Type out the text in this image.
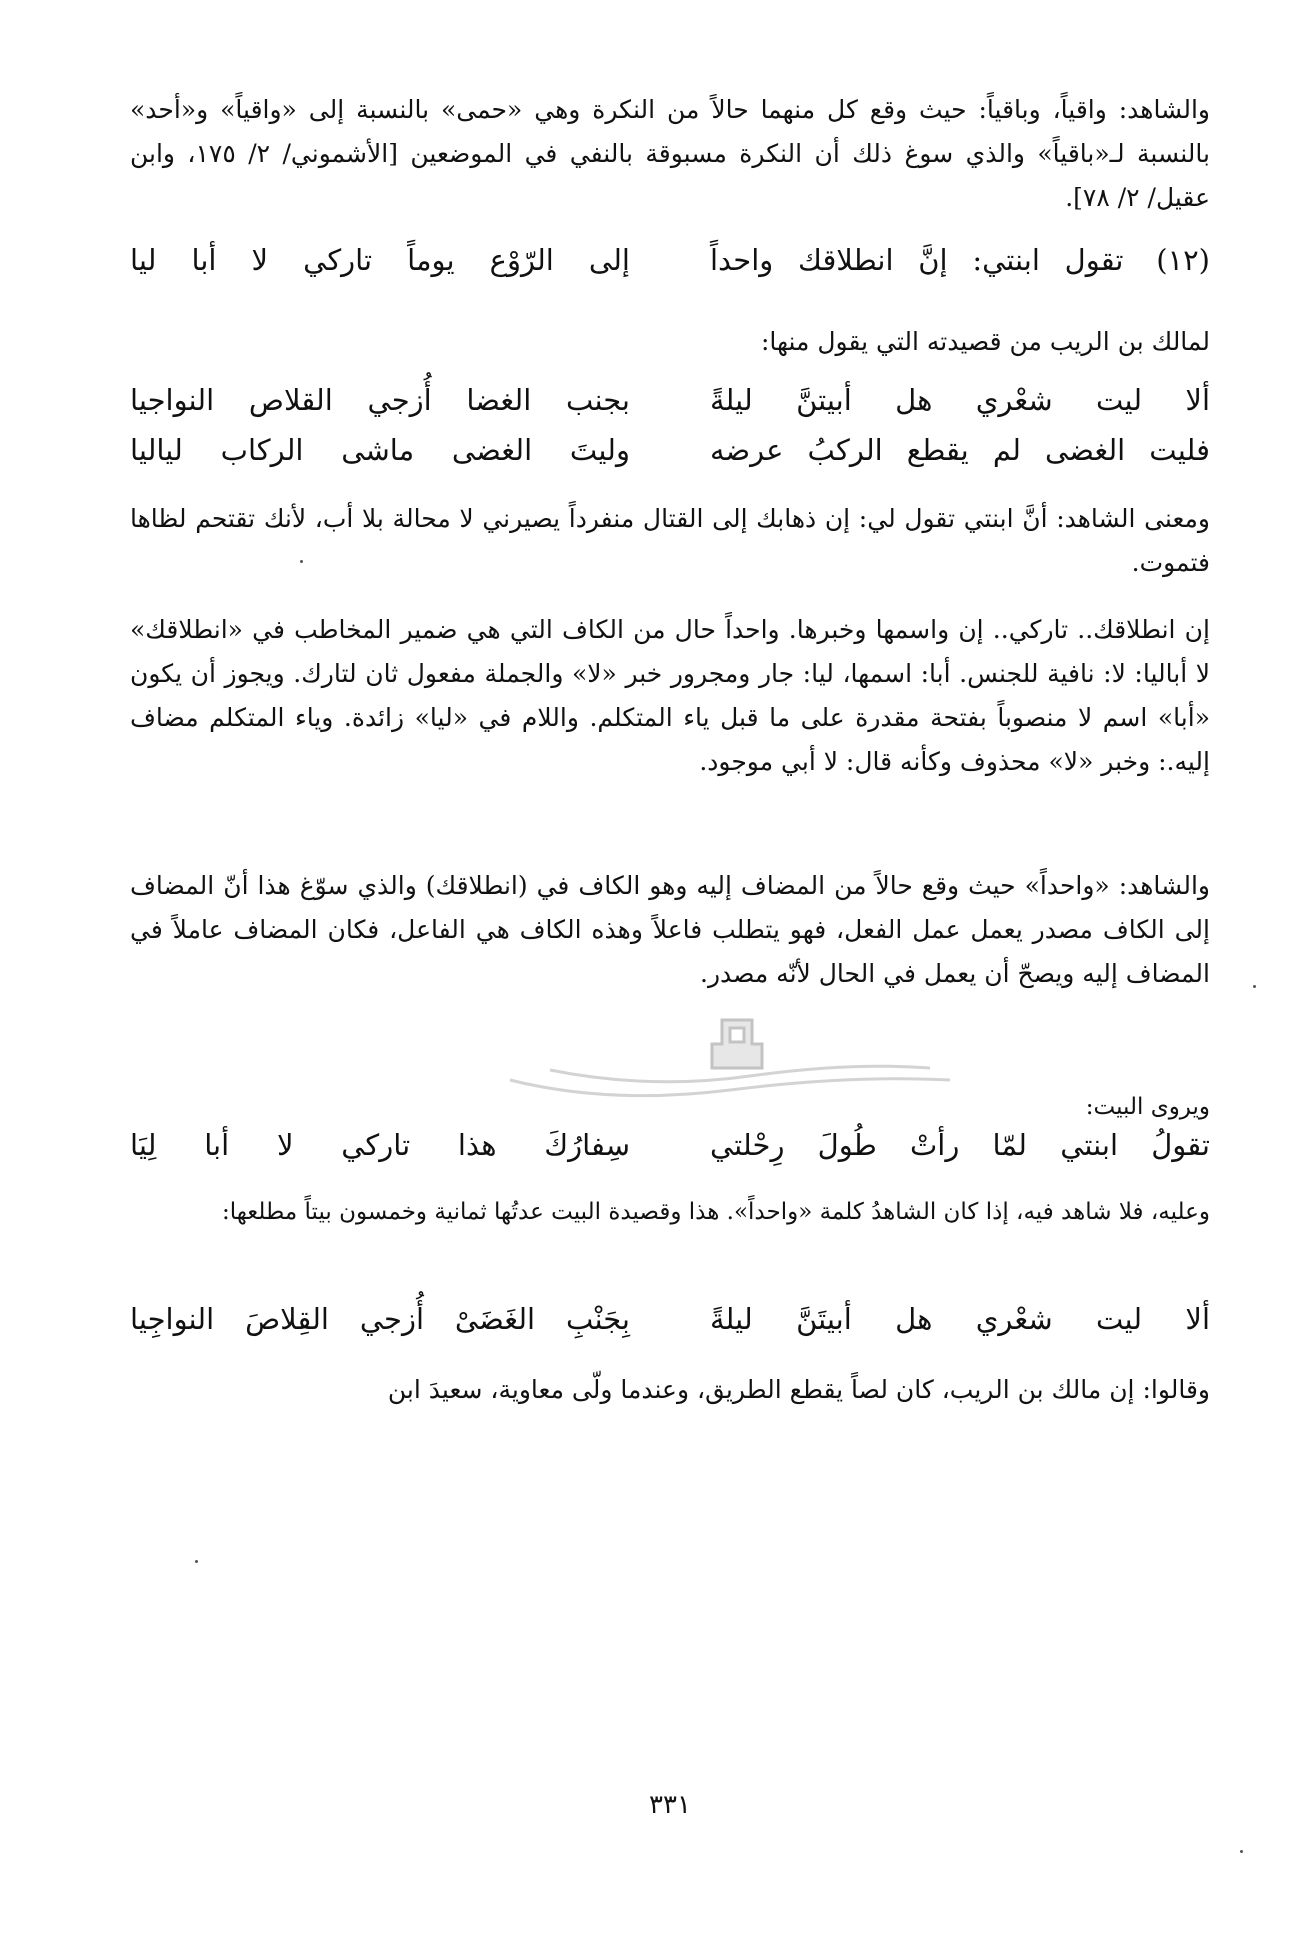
والشاهد: واقياً، وباقياً: حيث وقع كل منهما حالاً من النكرة وهي «حمى» بالنسبة إلى «واقياً» و«أحد» بالنسبة لـ«باقياً» والذي سوغ ذلك أن النكرة مسبوقة بالنفي في الموضعين [الأشموني/ ٢/ ١٧٥، وابن عقيل/ ٢/ ٧٨].

(١٢) تقول ابنتي: إنَّ انطلاقك واحداً
إلى الرّوْع يوماً تاركي لا أبا ليا

لمالك بن الريب من قصيدته التي يقول منها:

ألا ليت شعْري هل أبيتنَّ ليلةً
بجنب الغضا أُزجي القلاص النواجيا
فليت الغضى لم يقطع الركبُ عرضه
وليتَ الغضى ماشى الركاب لياليا

ومعنى الشاهد: أنَّ ابنتي تقول لي: إن ذهابك إلى القتال منفرداً يصيرني لا محالة بلا أب، لأنك تقتحم لظاها فتموت.

إن انطلاقك.. تاركي.. إن واسمها وخبرها. واحداً حال من الكاف التي هي ضمير المخاطب في «انطلاقك» لا أباليا: لا: نافية للجنس. أبا: اسمها، ليا: جار ومجرور خبر «لا» والجملة مفعول ثان لتارك. ويجوز أن يكون «أبا» اسم لا منصوباً بفتحة مقدرة على ما قبل ياء المتكلم. واللام في «ليا» زائدة. وياء المتكلم مضاف إليه.: وخبر «لا» محذوف وكأنه قال: لا أبي موجود.

والشاهد: «واحداً» حيث وقع حالاً من المضاف إليه وهو الكاف في (انطلاقك) والذي سوّغ هذا أنّ المضاف إلى الكاف مصدر يعمل عمل الفعل، فهو يتطلب فاعلاً وهذه الكاف هي الفاعل، فكان المضاف عاملاً في المضاف إليه ويصحّ أن يعمل في الحال لأنّه مصدر.

ويروى البيت:

تقولُ ابنتي لمّا رأتْ طُولَ رِحْلتي
سِفارُكَ هذا تاركي لا أبا لِيَا

وعليه، فلا شاهد فيه، إذا كان الشاهدُ كلمة «واحداً». هذا وقصيدة البيت عدتُها ثمانية وخمسون بيتاً مطلعها:

ألا ليت شعْري هل أبيتَنَّ ليلةً
بِجَنْبِ الغَضَىْ أُزجي القِلاصَ النواجِيا

وقالوا: إن مالك بن الريب، كان لصاً يقطع الطريق، وعندما ولّى معاوية، سعيدَ ابن

٣٣١
